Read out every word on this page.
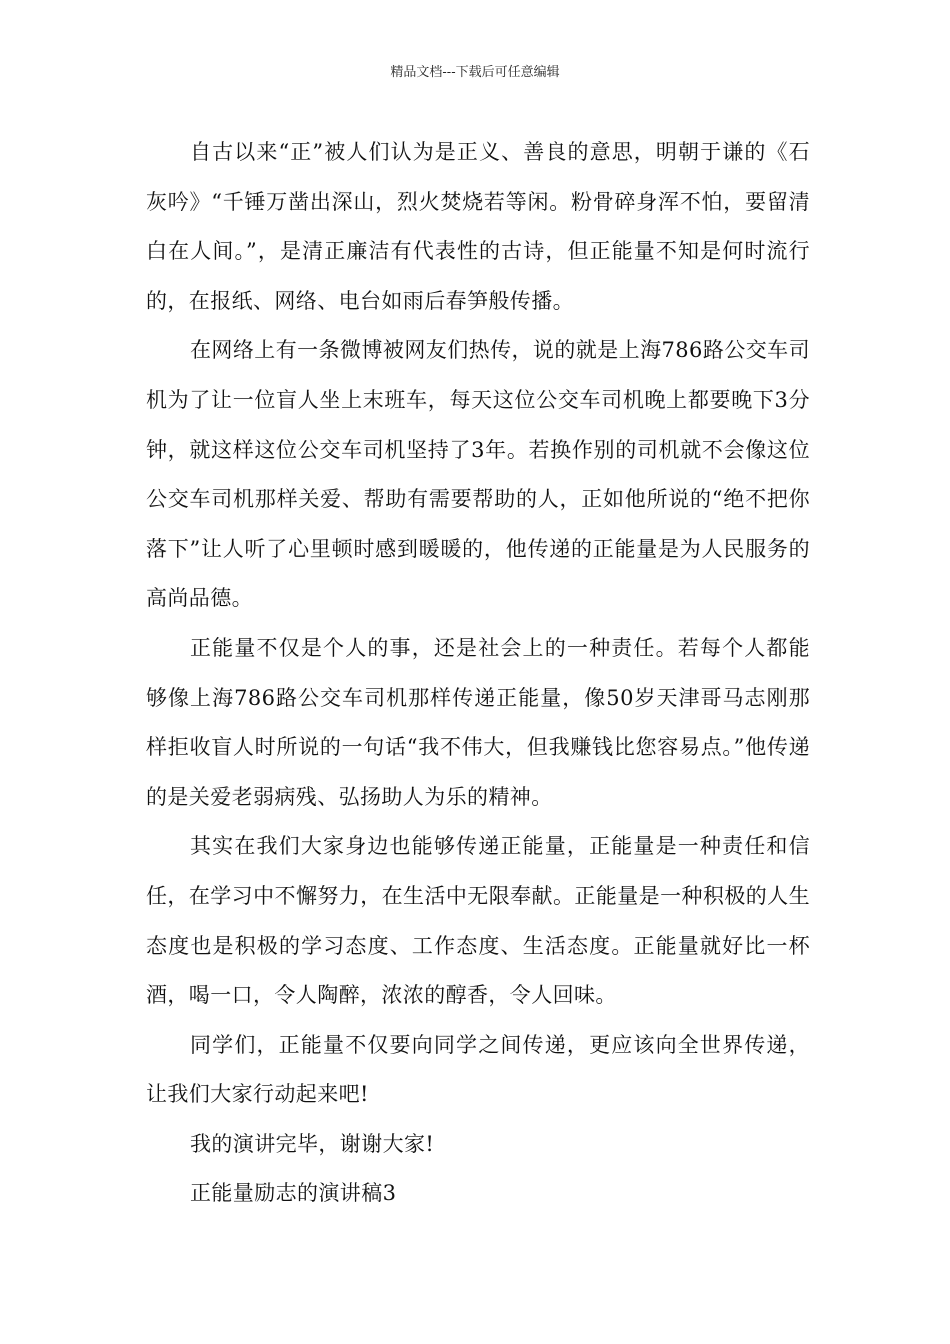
精品文档---下载后可任意编辑

自古以来“正”被人们认为是正义、善良的意思，明朝于谦的《石灰吟》“千锤万凿出深山，烈火焚烧若等闲。粉骨碎身浑不怕，要留清白在人间。”，是清正廉洁有代表性的古诗，但正能量不知是何时流行的，在报纸、网络、电台如雨后春笋般传播。

在网络上有一条微博被网友们热传，说的就是上海786路公交车司机为了让一位盲人坐上末班车，每天这位公交车司机晚上都要晚下3分钟，就这样这位公交车司机坚持了3年。若换作别的司机就不会像这位公交车司机那样关爱、帮助有需要帮助的人，正如他所说的“绝不把你落下”让人听了心里顿时感到暖暖的，他传递的正能量是为人民服务的高尚品德。

正能量不仅是个人的事，还是社会上的一种责任。若每个人都能够像上海786路公交车司机那样传递正能量，像50岁天津哥马志刚那样拒收盲人时所说的一句话“我不伟大，但我赚钱比您容易点。”他传递的是关爱老弱病残、弘扬助人为乐的精神。

其实在我们大家身边也能够传递正能量，正能量是一种责任和信任，在学习中不懈努力，在生活中无限奉献。正能量是一种积极的人生态度也是积极的学习态度、工作态度、生活态度。正能量就好比一杯酒，喝一口，令人陶醉，浓浓的醇香，令人回味。

同学们，正能量不仅要向同学之间传递，更应该向全世界传递，让我们大家行动起来吧!

我的演讲完毕，谢谢大家!

正能量励志的演讲稿3
